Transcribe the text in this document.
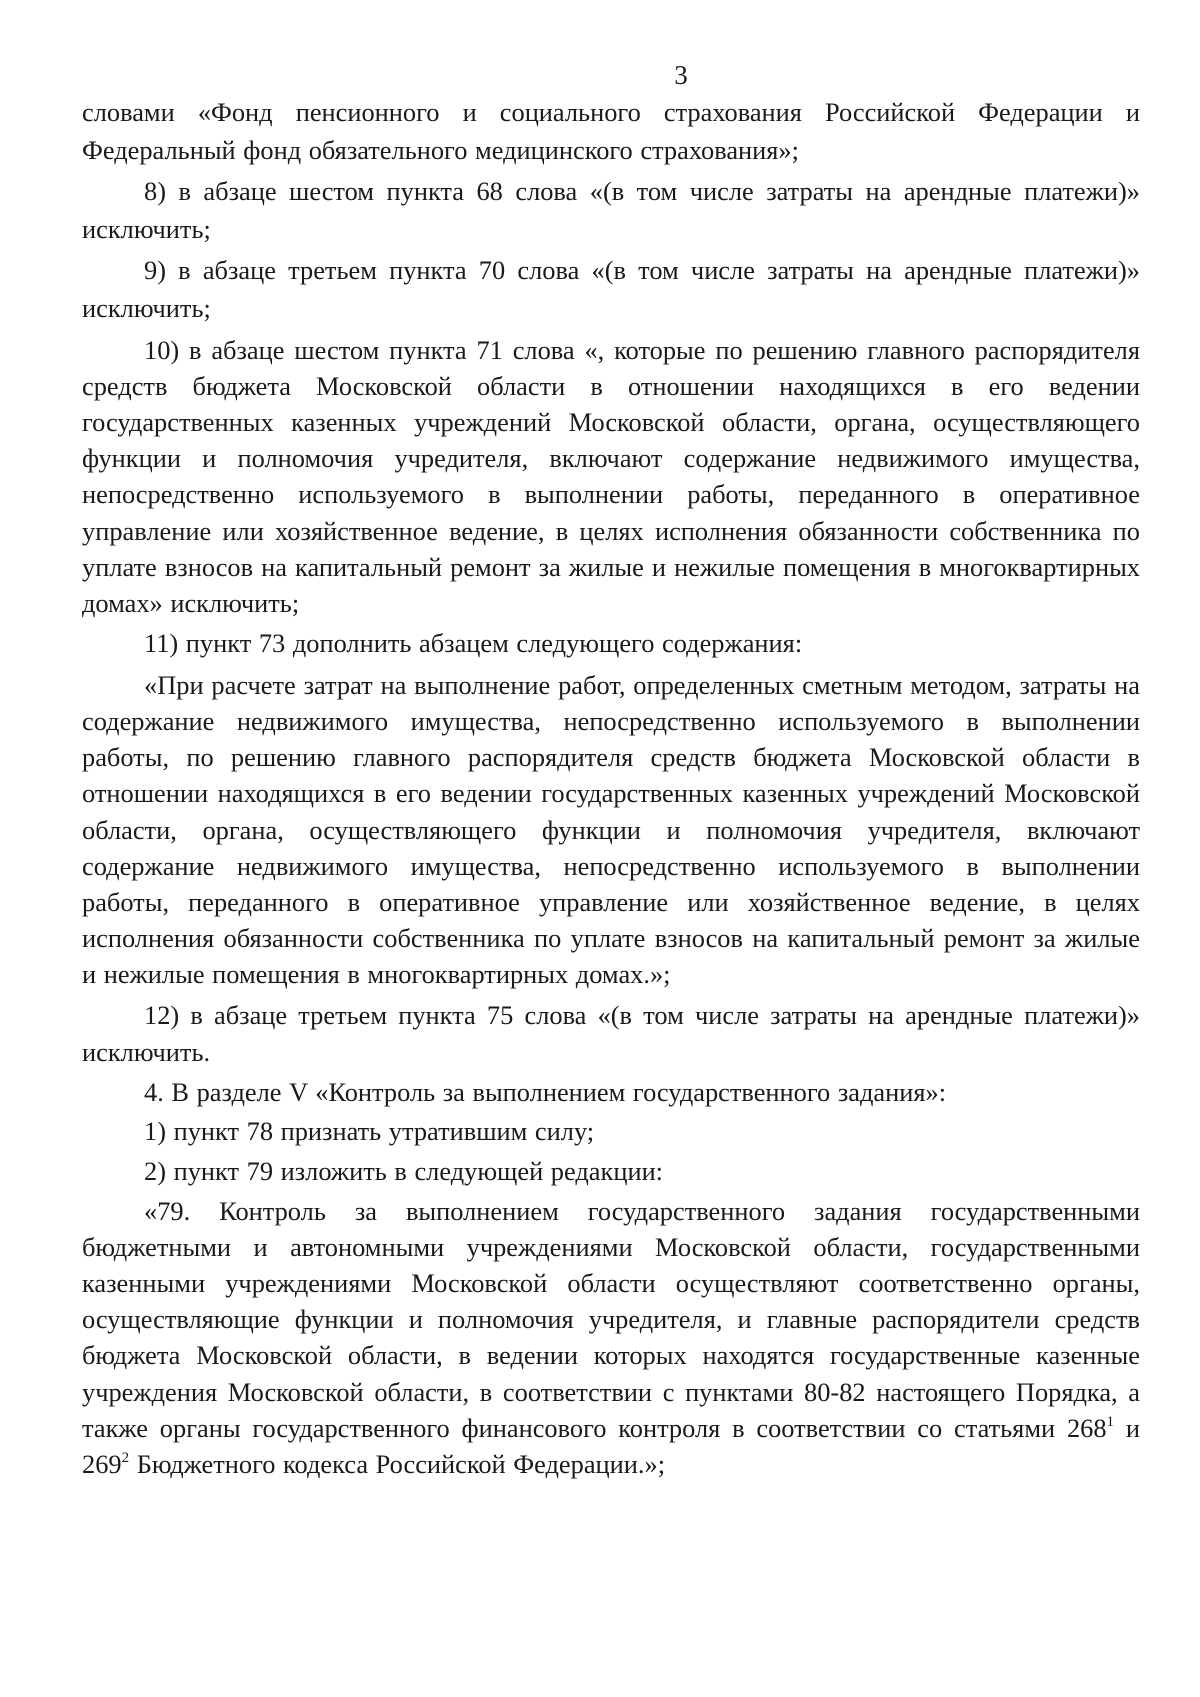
3

словами «Фонд пенсионного и социального страхования Российской Федерации и Федеральный фонд обязательного медицинского страхования»;

8) в абзаце шестом пункта 68 слова «(в том числе затраты на арендные платежи)» исключить;

9) в абзаце третьем пункта 70 слова «(в том числе затраты на арендные платежи)» исключить;

10) в абзаце шестом пункта 71 слова «, которые по решению главного распорядителя средств бюджета Московской области в отношении находящихся в его ведении государственных казенных учреждений Московской области, органа, осуществляющего функции и полномочия учредителя, включают содержание недвижимого имущества, непосредственно используемого в выполнении работы, переданного в оперативное управление или хозяйственное ведение, в целях исполнения обязанности собственника по уплате взносов на капитальный ремонт за жилые и нежилые помещения в многоквартирных домах» исключить;

11) пункт 73 дополнить абзацем следующего содержания:

«При расчете затрат на выполнение работ, определенных сметным методом, затраты на содержание недвижимого имущества, непосредственно используемого в выполнении работы, по решению главного распорядителя средств бюджета Московской области в отношении находящихся в его ведении государственных казенных учреждений Московской области, органа, осуществляющего функции и полномочия учредителя, включают содержание недвижимого имущества, непосредственно используемого в выполнении работы, переданного в оперативное управление или хозяйственное ведение, в целях исполнения обязанности собственника по уплате взносов на капитальный ремонт за жилые и нежилые помещения в многоквартирных домах.»;

12) в абзаце третьем пункта 75 слова «(в том числе затраты на арендные платежи)» исключить.

4. В разделе V «Контроль за выполнением государственного задания»:

1) пункт 78 признать утратившим силу;

2) пункт 79 изложить в следующей редакции:

«79. Контроль за выполнением государственного задания государственными бюджетными и автономными учреждениями Московской области, государственными казенными учреждениями Московской области осуществляют соответственно органы, осуществляющие функции и полномочия учредителя, и главные распорядители средств бюджета Московской области, в ведении которых находятся государственные казенные учреждения Московской области, в соответствии с пунктами 80-82 настоящего Порядка, а также органы государственного финансового контроля в соответствии со статьями $268^1$ и $269^2$ Бюджетного кодекса Российской Федерации.»;
